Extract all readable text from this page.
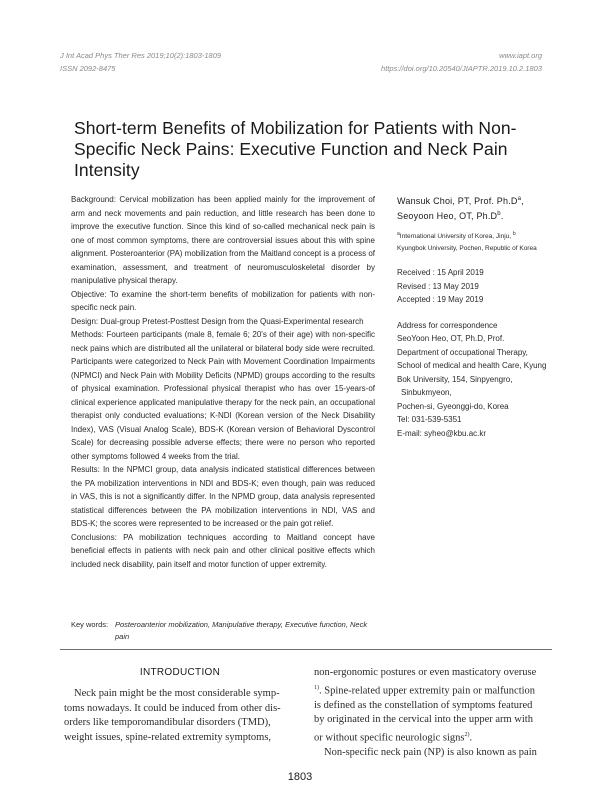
J Int Acad Phys Ther Res 2019;10(2):1803-1809
ISSN 2092-8475
www.iapt.org
https://doi.org/10.20540/JIAPTR.2019.10.2.1803
Short-term Benefits of Mobilization for Patients with Non-Specific Neck Pains: Executive Function and Neck Pain Intensity

Background: Cervical mobilization has been applied mainly for the improvement of arm and neck movements and pain reduction, and little research has been done to improve the executive function. Since this kind of so-called mechanical neck pain is one of most common symptoms, there are controversial issues about this with spine alignment. Posteroanterior (PA) mobilization from the Maitland concept is a process of examination, assessment, and treatment of neuromusculoskeletal disorder by manipulative physical therapy.

Objective: To examine the short-term benefits of mobilization for patients with non-specific neck pain.

Design: Dual-group Pretest-Posttest Design from the Quasi-Experimental research

Methods: Fourteen participants (male 8, female 6; 20's of their age) with non-specific neck pains which are distributed all the unilateral or bilateral body side were recruited. Participants were categorized to Neck Pain with Movement Coordination Impairments (NPMCI) and Neck Pain with Mobility Deficits (NPMD) groups according to the results of physical examination. Professional physical therapist who has over 15-years-of clinical experience applicated manipulative therapy for the neck pain, an occupational therapist only conducted evaluations; K-NDI (Korean version of the Neck Disability Index), VAS (Visual Analog Scale), BDS-K (Korean version of Behavioral Dyscontrol Scale) for decreasing possible adverse effects; there were no person who reported other symptoms followed 4 weeks from the trial.

Results: In the NPMCI group, data analysis indicated statistical differences between the PA mobilization interventions in NDI and BDS-K; even though, pain was reduced in VAS, this is not a significantly differ. In the NPMD group, data analysis represented statistical differences between the PA mobilization interventions in NDI, VAS and BDS-K; the scores were represented to be increased or the pain got relief.

Conclusions: PA mobilization techniques according to Maitland concept have beneficial effects in patients with neck pain and other clinical positive effects which included neck disability, pain itself and motor function of upper extremity.

Wansuk Choi, PT, Prof. $Ph.D^a$,
Seoyoon Heo, OT, $Ph.D^b$.
$^a$International University of Korea, Jinju, $^b$
Kyungbok University, Pochen, Republic of Korea
Received : 15 April 2019
Revised : 13 May 2019
Accepted : 19 May 2019
Address for correspondence
SeoYoon Heo, OT, Ph.D, Prof.
Department of occupational Therapy,
School of medical and health Care, Kyung
Bok University, 154, Sinpyengro,
Sinbukmyeon,
Pochen-si, Gyeonggi-do, Korea
Tel: 031-539-5351
E-mail: syheo@kbu.ac.kr
Key words: Posteroanterior mobilization, Manipulative therapy, Executive function, Neck pain
INTRODUCTION
Neck pain might be the most considerable symp-
toms nowadays. It could be induced from other dis-
orders like temporomandibular disorders (TMD),
weight issues, spine-related extremity symptoms,
non-ergonomic postures or even masticatory overuse
$^{1)}$. Spine-related upper extremity pain or malfunction
is defined as the constellation of symptoms featured
by originated in the cervical into the upper arm with
or without specific neurologic signs$^{2)}$.
Non-specific neck pain (NP) is also known as pain
1803
